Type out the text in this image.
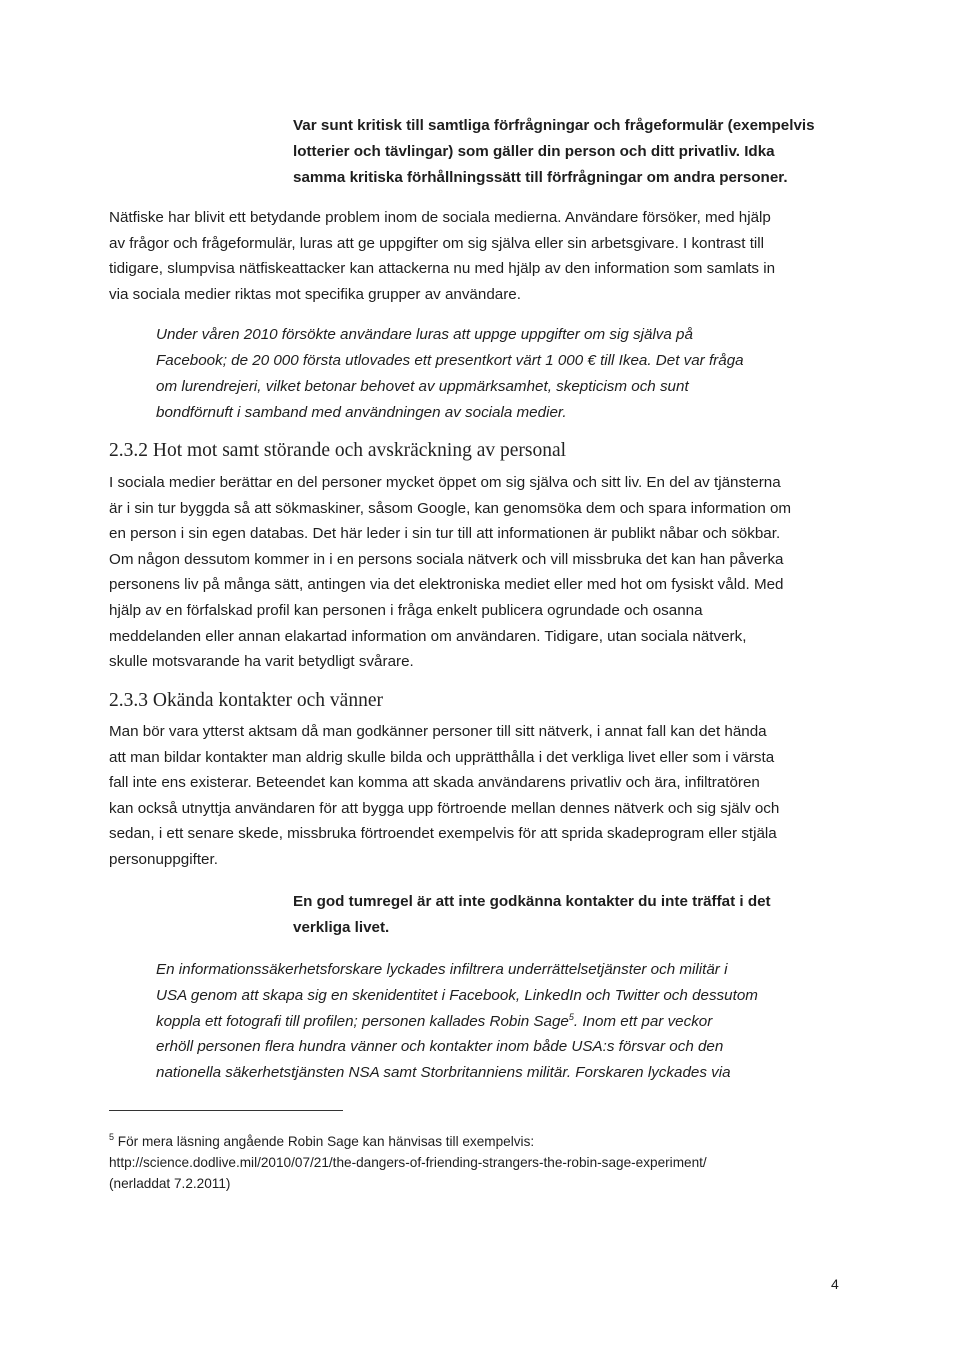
Var sunt kritisk till samtliga förfrågningar och frågeformulär (exempelvis
lotterier och tävlingar) som gäller din person och ditt privatliv. Idka
samma kritiska förhållningssätt till förfrågningar om andra personer.
Nätfiske har blivit ett betydande problem inom de sociala medierna. Användare försöker, med hjälp
av frågor och frågeformulär, luras att ge uppgifter om sig själva eller sin arbetsgivare. I kontrast till
tidigare, slumpvisa nätfiskeattacker kan attackerna nu med hjälp av den information som samlats in
via sociala medier riktas mot specifika grupper av användare.
Under våren 2010 försökte användare luras att uppge uppgifter om sig själva på
Facebook; de 20 000 första utlovades ett presentkort värt 1 000 € till Ikea. Det var fråga
om lurendrejeri, vilket betonar behovet av uppmärksamhet, skepticism och sunt
bondförnuft i samband med användningen av sociala medier.
2.3.2 Hot mot samt störande och avskräckning av personal
I sociala medier berättar en del personer mycket öppet om sig själva och sitt liv. En del av tjänsterna
är i sin tur byggda så att sökmaskiner, såsom Google, kan genomsöka dem och spara information om
en person i sin egen databas. Det här leder i sin tur till att informationen är publikt nåbar och sökbar.
Om någon dessutom kommer in i en persons sociala nätverk och vill missbruka det kan han påverka
personens liv på många sätt, antingen via det elektroniska mediet eller med hot om fysiskt våld. Med
hjälp av en förfalskad profil kan personen i fråga enkelt publicera ogrundade och osanna
meddelanden eller annan elakartad information om användaren. Tidigare, utan sociala nätverk,
skulle motsvarande ha varit betydligt svårare.
2.3.3 Okända kontakter och vänner
Man bör vara ytterst aktsam då man godkänner personer till sitt nätverk, i annat fall kan det hända
att man bildar kontakter man aldrig skulle bilda och upprätthålla i det verkliga livet eller som i värsta
fall inte ens existerar. Beteendet kan komma att skada användarens privatliv och ära, infiltratören
kan också utnyttja användaren för att bygga upp förtroende mellan dennes nätverk och sig själv och
sedan, i ett senare skede, missbruka förtroendet exempelvis för att sprida skadeprogram eller stjäla
personuppgifter.
En god tumregel är att inte godkänna kontakter du inte träffat i det
verkliga livet.
En informationssäkerhetsforskare lyckades infiltrera underrättelsetjänster och militär i
USA genom att skapa sig en skenidentitet i Facebook, LinkedIn och Twitter och dessutom
koppla ett fotografi till profilen; personen kallades Robin Sage$^5$. Inom ett par veckor
erhöll personen flera hundra vänner och kontakter inom både USA:s försvar och den
nationella säkerhetstjänsten NSA samt Storbritanniens militär. Forskaren lyckades via
$^5$ För mera läsning angående Robin Sage kan hänvisas till exempelvis:
http://science.dodlive.mil/2010/07/21/the-dangers-of-friending-strangers-the-robin-sage-experiment/
(nerladdat 7.2.2011)
4
